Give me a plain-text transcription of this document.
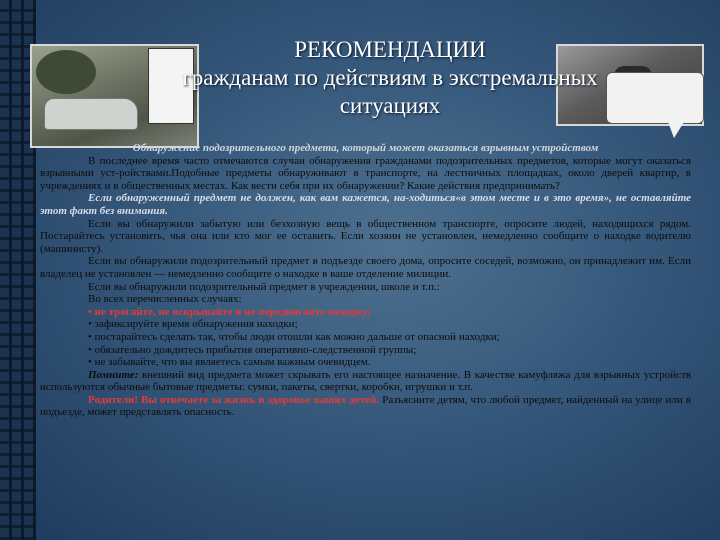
РЕКОМЕНДАЦИИ
гражданам по действиям в экстремальных
ситуациях

Обнаружение подозрительного предмета, который может оказаться взрывным устройством

В последнее время часто отмечаются случаи обнаружения гражданами подозрительных предметов, которые могут оказаться взрывными уст-ройствами.Подобные предметы обнаруживают в транспорте, на лестничных площадках, около дверей квартир, в учреждениях и в общественных местах. Как вести себя при их обнаружении? Какие действия предпринимать?

Если обнаруженный предмет не должен, как вам кажется, на-ходиться«в этом месте и в это время», не оставляйте этот факт без внимания.

Если вы обнаружили забытую или безхозную вещь в общественном транспорте, опросите людей, находящихся рядом. Постарайтесь установить, чья она или кто мог ее оставить. Если хозяин не установлен, немедленно сообщите о находке водителю (машинисту).

Если вы обнаружили подозрительный предмет в подъезде своего дома, опросите соседей, возможно, он принадлежит им. Если владелец не установлен — немедленно сообщите о находке в ваше отделение милиции.

Если вы обнаружили подозрительный предмет в учреждении, школе и т.п.:

Во всех перечисленных случаях:

• не трогайте, не вскрывайте и не передвигайте находку;

• зафиксируйте время обнаружения находки;

• постарайтесь сделать так, чтобы люди отошли как можно дальше от опасной находки;

• обязательно дождитесь прибытия оперативно-следственной группы;

• не забывайте, что вы являетесь самым важным очевидцем.

Помните: внешний вид предмета может скрывать его настоящее назначение. В качестве камуфляжа для взрывных устройств используются обычные бытовые предметы: сумки, пакеты, свертки, коробки, игрушки и т.п.

Родители! Вы отвечаете за жизнь и здоровье ваших детей. Разъясните детям, что любой предмет, найденный на улице или в подъезде, может представлять опасность.
